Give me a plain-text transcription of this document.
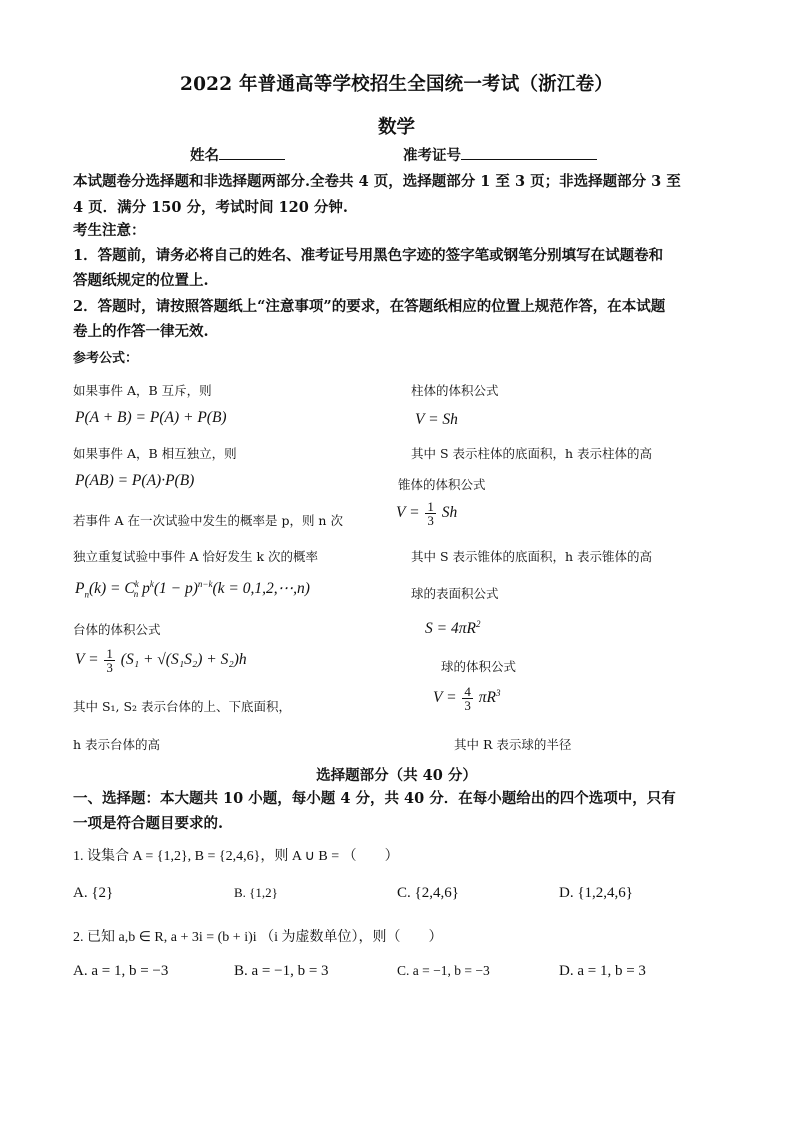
2022 年普通高等学校招生全国统一考试（浙江卷）
数学
姓名	准考证号
本试题卷分选择题和非选择题两部分.全卷共 4 页，选择题部分 1 至 3 页；非选择题部分 3 至
4 页．满分 150 分，考试时间 120 分钟.
考生注意：
1．答题前，请务必将自己的姓名、准考证号用黑色字迹的签字笔或钢笔分别填写在试题卷和
答题纸规定的位置上.
2．答题时，请按照答题纸上“注意事项”的要求，在答题纸相应的位置上规范作答，在本试题
卷上的作答一律无效.
参考公式：
如果事件 A，B 互斥，则
P(A + B) = P(A) + P(B)
如果事件 A，B 相互独立，则
P(AB) = P(A)·P(B)
若事件 A 在一次试验中发生的概率是 p，则 n 次
独立重复试验中事件 A 恰好发生 k 次的概率
$P_n(k) = C^k_n$ $p^k(1 - p)^{n-k}(k$ = 0,1,2,⋯,n)
台体的体积公式
$V = \frac{1}{3} (S_1 + √(S_1S_2) + S_2)h$
其中 S₁, S₂ 表示台体的上、下底面积，
h 表示台体的高
柱体的体积公式
V = Sh
其中 S 表示柱体的底面积，h 表示柱体的高
锥体的体积公式
$V = \frac{1}{3}$ Sh
其中 S 表示锥体的底面积，h 表示锥体的高
球的表面积公式
$S = 4\pi R^2$
球的体积公式
$V = \frac{4}{3} \pi R^3$
其中 R 表示球的半径
选择题部分（共 40 分）
一、选择题：本大题共 10 小题，每小题 4 分，共 40 分．在每小题给出的四个选项中，只有
一项是符合题目要求的.
1. 设集合 A = {1,2}, B = {2,4,6}，则 A ∪ B = （　　）
A. {2}	B. {1,2}	C. {2,4,6}	D. {1,2,4,6}
2. 已知 a,b ∈ R, a + 3i = (b + i)i （i 为虚数单位），则（　　）
A. a = 1, b = −3	B. a = −1, b = 3	C. a = −1, b = −3	D. a = 1, b = 3
